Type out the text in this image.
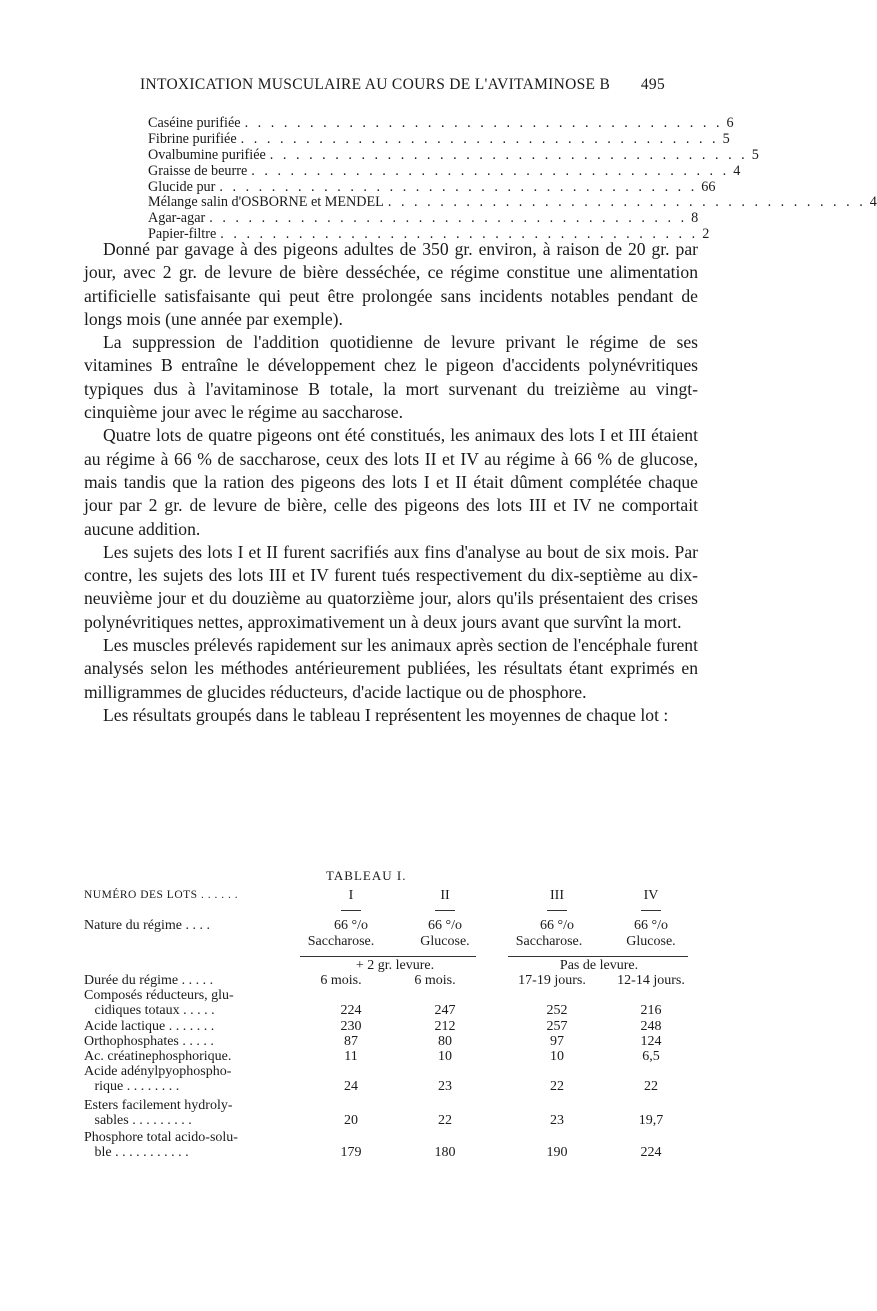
INTOXICATION MUSCULAIRE AU COURS DE L'AVITAMINOSE B 495
Caséine purifiée . . . . . . . . . . . . . . . . . . . . . . . . . . . . . . . . . . . . . 6
Fibrine purifiée . . . . . . . . . . . . . . . . . . . . . . . . . . . . . . . . . . . . . 5
Ovalbumine purifiée . . . . . . . . . . . . . . . . . . . . . . . . . . . . . . . . . . . . . 5
Graisse de beurre . . . . . . . . . . . . . . . . . . . . . . . . . . . . . . . . . . . . . 4
Glucide pur . . . . . . . . . . . . . . . . . . . . . . . . . . . . . . . . . . . . . 66
Mélange salin d'OSBORNE et MENDEL . . . . . . . . . . . . . . . . . . . . . . . . . . . . . . . . . . . . . 4
Agar-agar . . . . . . . . . . . . . . . . . . . . . . . . . . . . . . . . . . . . . 8
Papier-filtre . . . . . . . . . . . . . . . . . . . . . . . . . . . . . . . . . . . . . 2

Donné par gavage à des pigeons adultes de 350 gr. environ, à raison de 20 gr. par jour, avec 2 gr. de levure de bière desséchée, ce régime constitue une alimentation artificielle satisfaisante qui peut être prolongée sans incidents notables pendant de longs mois (une année par exemple).

La suppression de l'addition quotidienne de levure privant le régime de ses vitamines B entraîne le développement chez le pigeon d'accidents polynévritiques typiques dus à l'avitaminose B totale, la mort survenant du treizième au vingt-cinquième jour avec le régime au saccharose.

Quatre lots de quatre pigeons ont été constitués, les animaux des lots I et III étaient au régime à 66 % de saccharose, ceux des lots II et IV au régime à 66 % de glucose, mais tandis que la ration des pigeons des lots I et II était dûment complétée chaque jour par 2 gr. de levure de bière, celle des pigeons des lots III et IV ne comportait aucune addition.

Les sujets des lots I et II furent sacrifiés aux fins d'analyse au bout de six mois. Par contre, les sujets des lots III et IV furent tués respectivement du dix-septième au dix-neuvième jour et du douzième au quatorzième jour, alors qu'ils présentaient des crises polynévritiques nettes, approximativement un à deux jours avant que survînt la mort.

Les muscles prélevés rapidement sur les animaux après section de l'encéphale furent analysés selon les méthodes antérieurement publiées, les résultats étant exprimés en milligrammes de glucides réducteurs, d'acide lactique ou de phosphore.

Les résultats groupés dans le tableau I représentent les moyennes de chaque lot :

TABLEAU I.
NUMÉRO DES LOTS . . . . . .	I	II	III	IV
Nature du régime . . . .	66 °/o	66 °/o	66 °/o	66 °/o
Saccharose.	Glucose.	Saccharose.	Glucose.
+ 2 gr. levure.	Pas de levure.
Durée du régime . . . . .	6 mois.	6 mois.	17-19 jours.	12-14 jours.
Composés réducteurs, glu-
cidiques totaux . . . . .	224	247	252	216
Acide lactique . . . . . . .	230	212	257	248
Orthophosphates . . . . .	87	80	97	124
Ac. créatinephosphorique.	11	10	10	6,5
Acide adénylpyophospho-
rique . . . . . . . .	24	23	22	22
Esters facilement hydroly-
sables . . . . . . . . .	20	22	23	19,7
Phosphore total acido-solu-
ble . . . . . . . . . . .	179	180	190	224
